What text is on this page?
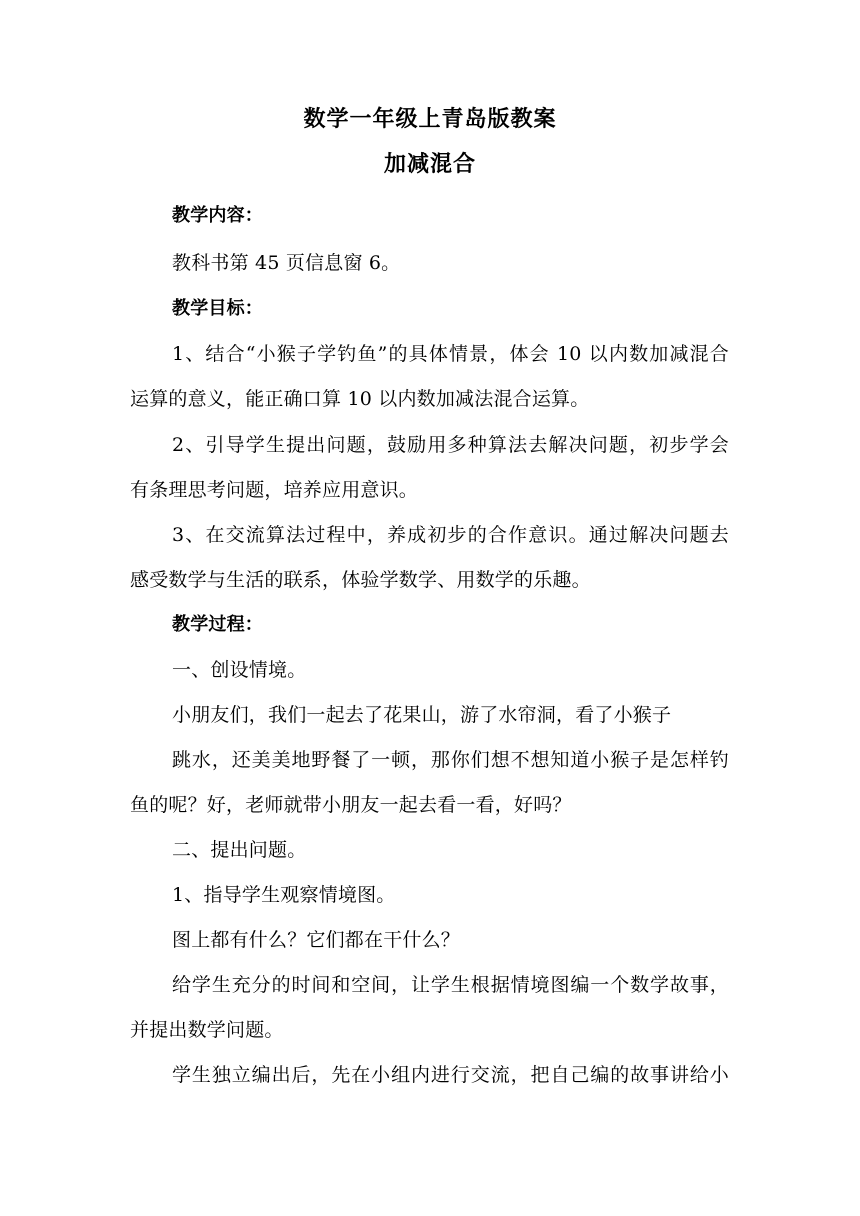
数学一年级上青岛版教案
加减混合
教学内容：
教科书第 45 页信息窗 6。
教学目标：
1、结合“小猴子学钓鱼”的具体情景，体会 10 以内数加减混合
运算的意义，能正确口算 10 以内数加减法混合运算。
2、引导学生提出问题，鼓励用多种算法去解决问题，初步学会
有条理思考问题，培养应用意识。
3、在交流算法过程中，养成初步的合作意识。通过解决问题去
感受数学与生活的联系，体验学数学、用数学的乐趣。
教学过程：
一、创设情境。
小朋友们，我们一起去了花果山，游了水帘洞，看了小猴子
跳水，还美美地野餐了一顿，那你们想不想知道小猴子是怎样钓
鱼的呢？好，老师就带小朋友一起去看一看，好吗？
二、提出问题。
1、指导学生观察情境图。
图上都有什么？它们都在干什么？
给学生充分的时间和空间，让学生根据情境图编一个数学故事，
并提出数学问题。
学生独立编出后，先在小组内进行交流，把自己编的故事讲给小
